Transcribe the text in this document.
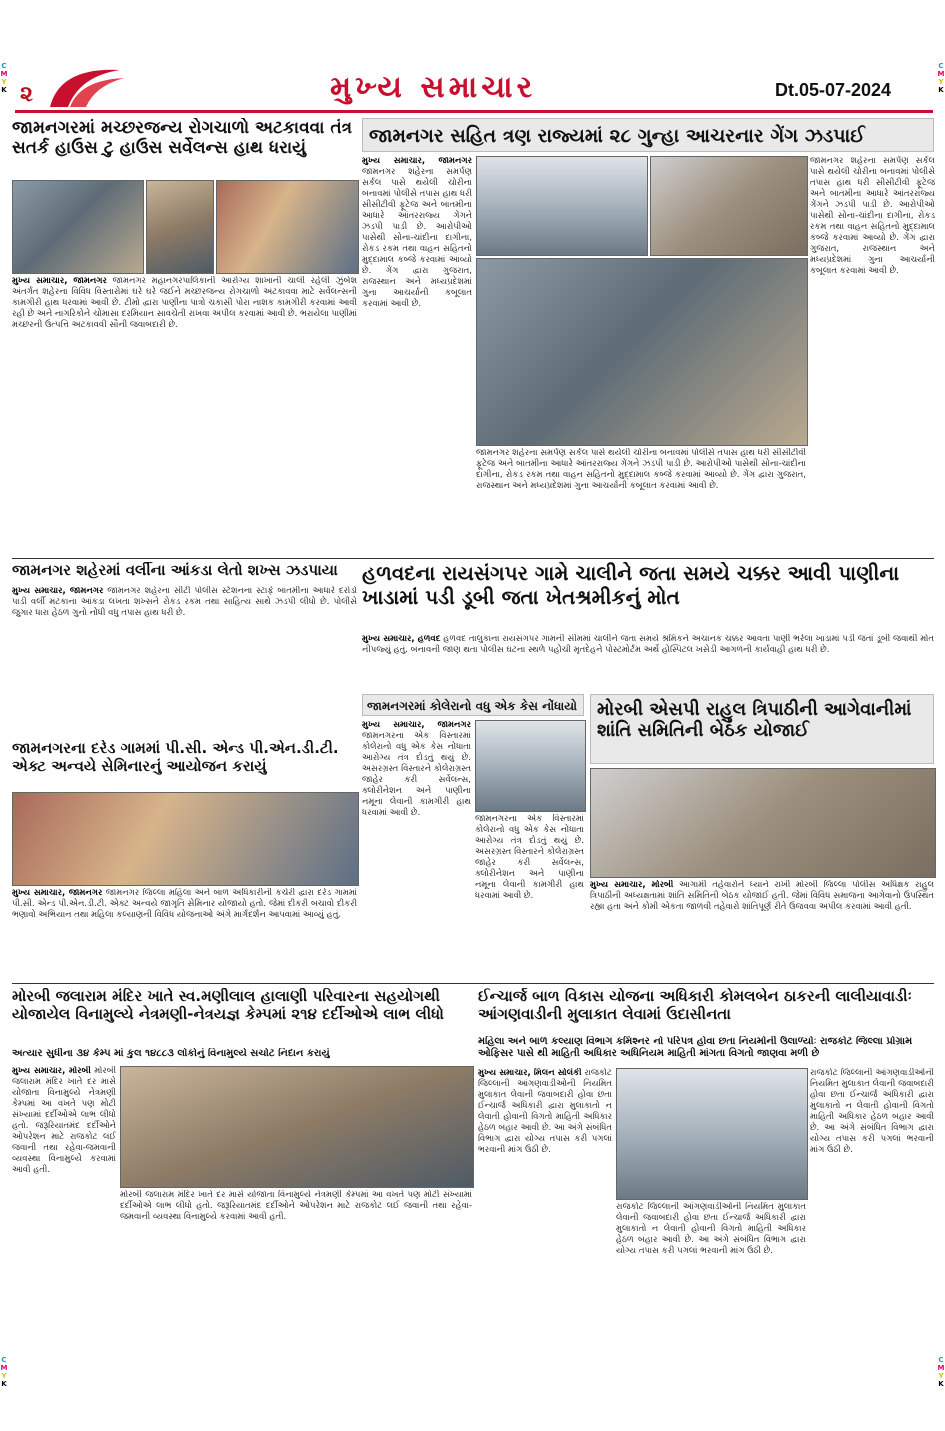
C
M
Y
K ૨	મુખ્ય સમાચાર	Dt.05-07-2024
C
M
Y
K
જામનગરમાં મચ્છરજન્ય રોગચાળો અટકાવવા તંત્ર સતર્ક હાઉસ ટુ હાઉસ સર્વેલન્સ હાથ ધરાયું
મુખ્ય સમાચાર, જામનગર જામનગર મહાનગરપાલિકાની આરોગ્ય શાખાની ચાલી રહેલી ઝુંબેશ અંતર્ગત શહેરના વિવિધ વિસ્તારોમાં ઘરે ઘરે જઈને મચ્છરજન્ય રોગચાળો અટકાવવા માટે સર્વેલન્સની કામગીરી હાથ ધરવામાં આવી છે. ટીમો દ્વારા પાણીના પાત્રો ચકાસી પોરા નાશક કામગીરી કરવામાં આવી રહી છે અને નાગરિકોને ચોમાસા દરમિયાન સાવચેતી રાખવા અપીલ કરવામાં આવી છે. ભરાયેલા પાણીમાં મચ્છરની ઉત્પત્તિ અટકાવવી સૌની જવાબદારી છે.
જામનગર સહિત ત્રણ રાજ્યમાં ૨૮ ગુન્હા આચરનાર ગેંગ ઝડપાઈ
મુખ્ય સમાચાર, જામનગર જામનગર શહેરના સમર્પણ સર્કલ પાસે થયેલી ચોરીના બનાવમાં પોલીસે તપાસ હાથ ધરી સીસીટીવી ફૂટેજ અને બાતમીના આધારે આંતરરાજ્ય ગેંગને ઝડપી પાડી છે. આરોપીઓ પાસેથી સોના-ચાંદીના દાગીના, રોકડ રકમ તથા વાહન સહિતનો મુદ્દામાલ કબ્જે કરવામાં આવ્યો છે. ગેંગ દ્વારા ગુજરાત, રાજસ્થાન અને મધ્યપ્રદેશમાં ગુના આચર્યાની કબૂલાત કરવામાં આવી છે.
જામનગર શહેરના સમર્પણ સર્કલ પાસે થયેલી ચોરીના બનાવમાં પોલીસે તપાસ હાથ ધરી સીસીટીવી ફૂટેજ અને બાતમીના આધારે આંતરરાજ્ય ગેંગને ઝડપી પાડી છે. આરોપીઓ પાસેથી સોના-ચાંદીના દાગીના, રોકડ રકમ તથા વાહન સહિતનો મુદ્દામાલ કબ્જે કરવામાં આવ્યો છે. ગેંગ દ્વારા ગુજરાત, રાજસ્થાન અને મધ્યપ્રદેશમાં ગુના આચર્યાની કબૂલાત કરવામાં આવી છે.
જામનગર શહેરના સમર્પણ સર્કલ પાસે થયેલી ચોરીના બનાવમાં પોલીસે તપાસ હાથ ધરી સીસીટીવી ફૂટેજ અને બાતમીના આધારે આંતરરાજ્ય ગેંગને ઝડપી પાડી છે. આરોપીઓ પાસેથી સોના-ચાંદીના દાગીના, રોકડ રકમ તથા વાહન સહિતનો મુદ્દામાલ કબ્જે કરવામાં આવ્યો છે. ગેંગ દ્વારા ગુજરાત, રાજસ્થાન અને મધ્યપ્રદેશમાં ગુના આચર્યાની કબૂલાત કરવામાં આવી છે.
જામનગર શહેરમાં વર્લીના આંકડા લેતો શખ્સ ઝડપાયા
મુખ્ય સમાચાર, જામનગર જામનગર શહેરના સીટી પોલીસ સ્ટેશનના સ્ટાફે બાતમીના આધારે દરોડો પાડી વર્લી મટકાના આંકડા લખતા શખ્સને રોકડ રકમ તથા સાહિત્ય સાથે ઝડપી લીધો છે. પોલીસે જુગાર ધારા હેઠળ ગુનો નોંધી વધુ તપાસ હાથ ધરી છે.
હળવદના રાયસંગપર ગામે ચાલીને જતા સમયે ચક્કર આવી પાણીના ખાડામાં પડી ડૂબી જતા ખેતશ્રમીકનું મોત
મુખ્ય સમાચાર, હળવદ હળવદ તાલુકાના રાયસંગપર ગામની સીમમાં ચાલીને જતા સમયે શ્રમિકને અચાનક ચક્કર આવતા પાણી ભરેલા ખાડામાં પડી જતાં ડૂબી જવાથી મોત નીપજ્યું હતું. બનાવની જાણ થતા પોલીસ ઘટના સ્થળે પહોંચી મૃતદેહને પોસ્ટમોર્ટમ અર્થે હોસ્પિટલ ખસેડી આગળની કાર્યવાહી હાથ ધરી છે.
જામનગરના દરેડ ગામમાં પી.સી. એન્ડ પી.એન.ડી.ટી. એક્ટ અન્વયે સેમિનારનું આયોજન કરાયું
મુખ્ય સમાચાર, જામનગર જામનગર જિલ્લા મહિલા અને બાળ અધિકારીની કચેરી દ્વારા દરેડ ગામમાં પી.સી. એન્ડ પી.એન.ડી.ટી. એક્ટ અન્વયે જાગૃતિ સેમિનાર યોજાયો હતો. જેમાં દીકરી બચાવો દીકરી ભણાવો અભિયાન તથા મહિલા કલ્યાણની વિવિધ યોજનાઓ અંગે માર્ગદર્શન આપવામાં આવ્યું હતું.
જામનગરમાં કોલેરાનો વધુ એક કેસ નોંધાયો
મુખ્ય સમાચાર, જામનગર જામનગરના એક વિસ્તારમાં કોલેરાનો વધુ એક કેસ નોંધાતા આરોગ્ય તંત્ર દોડતું થયું છે. અસરગ્રસ્ત વિસ્તારને કોલેરાગ્રસ્ત જાહેર કરી સર્વેલન્સ, ક્લોરીનેશન અને પાણીના નમૂના લેવાની કામગીરી હાથ ધરવામાં આવી છે.
જામનગરના એક વિસ્તારમાં કોલેરાનો વધુ એક કેસ નોંધાતા આરોગ્ય તંત્ર દોડતું થયું છે. અસરગ્રસ્ત વિસ્તારને કોલેરાગ્રસ્ત જાહેર કરી સર્વેલન્સ, ક્લોરીનેશન અને પાણીના નમૂના લેવાની કામગીરી હાથ ધરવામાં આવી છે.
મોરબી એસપી રાહુલ ત્રિપાઠીની આગેવાનીમાં શાંતિ સમિતિની બેઠક યોજાઈ
મુખ્ય સમાચાર, મોરબી આગામી તહેવારોને ધ્યાને રાખી મોરબી જિલ્લા પોલીસ અધિક્ષક રાહુલ ત્રિપાઠીની અધ્યક્ષતામાં શાંતિ સમિતિની બેઠક યોજાઈ હતી. જેમાં વિવિધ સમાજના આગેવાનો ઉપસ્થિત રહ્યા હતા અને કોમી એકતા જાળવી તહેવારો શાંતિપૂર્ણ રીતે ઉજવવા અપીલ કરવામાં આવી હતી.
મોરબી જલારામ મંદિર ખાતે સ્વ.મણીલાલ હાલાણી પરિવારના સહયોગથી યોજાયેલ વિનામુલ્યે નેત્રમણી-નેત્રયજ્ઞ કેમ્પમાં ૨૧૪ દર્દીઓએ લાભ લીધો
અત્યાર સુધીના ૩૪ કેમ્પ માં કુલ ૧૪૮૮૩ લોકોનું વિનામુલ્યે સચોટ નિદાન કરાયું
મુખ્ય સમાચાર, મોરબી મોરબી જલારામ મંદિર ખાતે દર માસે યોજાતા વિનામુલ્યે નેત્રમણી કેમ્પમાં આ વખતે પણ મોટી સંખ્યામાં દર્દીઓએ લાભ લીધો હતો. જરૂરિયાતમંદ દર્દીઓને ઓપરેશન માટે રાજકોટ લઈ જવાની તથા રહેવા-જમવાની વ્યવસ્થા વિનામુલ્યે કરવામાં આવી હતી.
મોરબી જલારામ મંદિર ખાતે દર માસે યોજાતા વિનામુલ્યે નેત્રમણી કેમ્પમાં આ વખતે પણ મોટી સંખ્યામાં દર્દીઓએ લાભ લીધો હતો. જરૂરિયાતમંદ દર્દીઓને ઓપરેશન માટે રાજકોટ લઈ જવાની તથા રહેવા-જમવાની વ્યવસ્થા વિનામુલ્યે કરવામાં આવી હતી.
ઈન્ચાર્જ બાળ વિકાસ યોજના અધિકારી કોમલબેન ઠાકરની લાલીયાવાડીઃ આંગણવાડીની મુલાકાત લેવામાં ઉદાસીનતા
મહિલા અને બાળ કલ્યાણ વિભાગ કમિશ્નર નો પરિપત્ર હોવા છતા નિયમોની ઉલાળ્યોઃ રાજકોટ જિલ્લા પ્રોગ્રામ ઓફિસર પાસે થી માહિતી અધિકાર અધિનિયમ માહિતી માંગતા વિગતો જાણવા મળી છે
મુખ્ય સમાચાર, મિલન સોલંકી રાજકોટ જિલ્લાની આંગણવાડીઓની નિયમિત મુલાકાત લેવાની જવાબદારી હોવા છતા ઈન્ચાર્જ અધિકારી દ્વારા મુલાકાતો ન લેવાતી હોવાની વિગતો માહિતી અધિકાર હેઠળ બહાર આવી છે. આ અંગે સંબંધિત વિભાગ દ્વારા યોગ્ય તપાસ કરી પગલાં ભરવાની માંગ ઉઠી છે.
રાજકોટ જિલ્લાની આંગણવાડીઓની નિયમિત મુલાકાત લેવાની જવાબદારી હોવા છતા ઈન્ચાર્જ અધિકારી દ્વારા મુલાકાતો ન લેવાતી હોવાની વિગતો માહિતી અધિકાર હેઠળ બહાર આવી છે. આ અંગે સંબંધિત વિભાગ દ્વારા યોગ્ય તપાસ કરી પગલાં ભરવાની માંગ ઉઠી છે.
રાજકોટ જિલ્લાની આંગણવાડીઓની નિયમિત મુલાકાત લેવાની જવાબદારી હોવા છતા ઈન્ચાર્જ અધિકારી દ્વારા મુલાકાતો ન લેવાતી હોવાની વિગતો માહિતી અધિકાર હેઠળ બહાર આવી છે. આ અંગે સંબંધિત વિભાગ દ્વારા યોગ્ય તપાસ કરી પગલાં ભરવાની માંગ ઉઠી છે.
C
M
Y
K
C
M
Y
K
